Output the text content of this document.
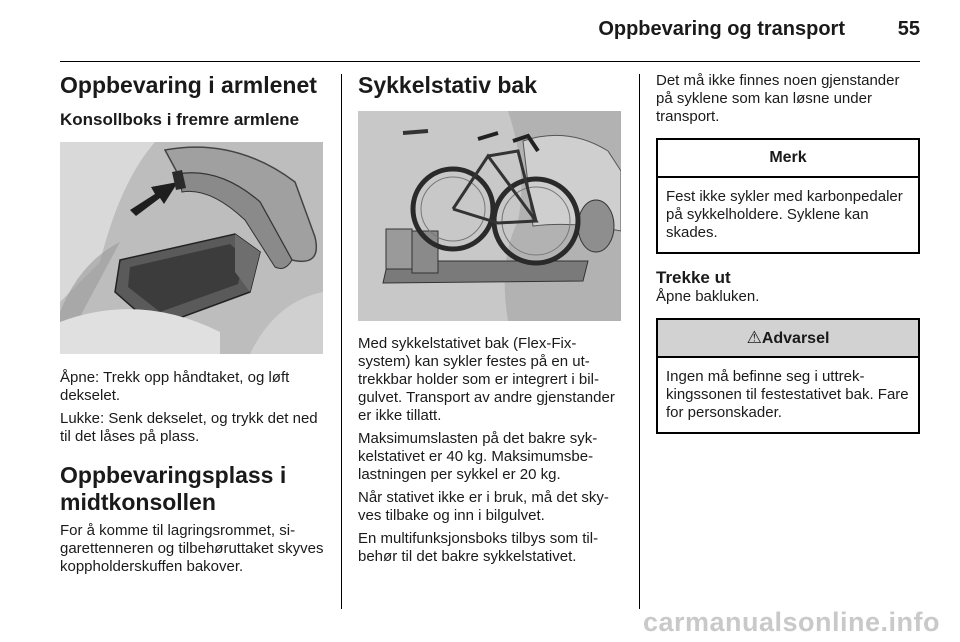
Oppbevaring og transport	55
Oppbevaring i armlenet
Konsollboks i fremre armlene

Åpne: Trekk opp håndtaket, og løft dekselet.

Lukke: Senk dekselet, og trykk det ned til det låses på plass.

Oppbevaringsplass i midtkonsollen

For å komme til lagringsrommet, sigarettenneren og tilbehøruttaket skyves koppholderskuffen bakover.

Sykkelstativ bak

Med sykkelstativet bak (Flex-Fix-system) kan sykler festes på en uttrekkbar holder som er integrert i bilgulvet. Transport av andre gjenstander er ikke tillatt.

Maksimumslasten på det bakre sykkelstativet er 40 kg. Maksimumsbelastningen per sykkel er 20 kg.

Når stativet ikke er i bruk, må det skyves tilbake og inn i bilgulvet.

En multifunksjonsboks tilbys som tilbehør til det bakre sykkelstativet.

Det må ikke finnes noen gjenstander på syklene som kan løsne under transport.

Merk

Fest ikke sykler med karbonpedaler på sykkelholdere. Syklene kan skades.

Trekke ut

Åpne bakluken.

⚠Advarsel

Ingen må befinne seg i uttrekkingssonen til festestativet bak. Fare for personskader.

carmanualsonline.info
